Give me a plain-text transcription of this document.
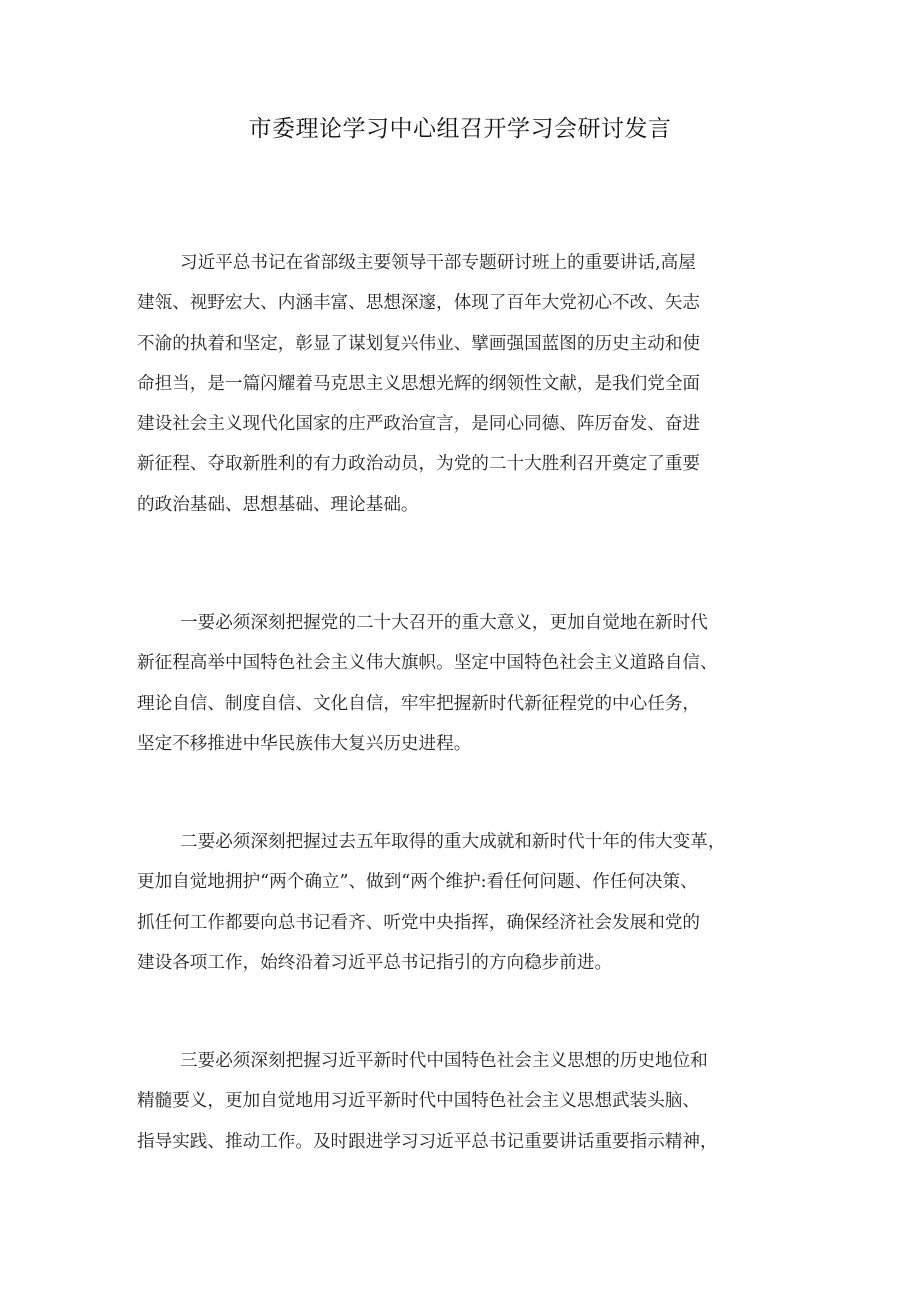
市委理论学习中心组召开学习会研讨发言

习近平总书记在省部级主要领导干部专题研讨班上的重要讲话,高屋
建瓴、视野宏大、内涵丰富、思想深邃，体现了百年大党初心不改、矢志
不渝的执着和坚定，彰显了谋划复兴伟业、擘画强国蓝图的历史主动和使
命担当，是一篇闪耀着马克思主义思想光辉的纲领性文献，是我们党全面
建设社会主义现代化国家的庄严政治宣言，是同心同德、阵厉奋发、奋进
新征程、夺取新胜利的有力政治动员，为党的二十大胜利召开奠定了重要
的政治基础、思想基础、理论基础。

一要必须深刻把握党的二十大召开的重大意义，更加自觉地在新时代
新征程高举中国特色社会主义伟大旗帜。坚定中国特色社会主义道路自信、
理论自信、制度自信、文化自信，牢牢把握新时代新征程党的中心任务，
坚定不移推进中华民族伟大复兴历史进程。

二要必须深刻把握过去五年取得的重大成就和新时代十年的伟大变革，
更加自觉地拥护“两个确立”、做到“两个维护:看任何问题、作任何决策、
抓任何工作都要向总书记看齐、听党中央指挥，确保经济社会发展和党的
建设各项工作，始终沿着习近平总书记指引的方向稳步前进。

三要必须深刻把握习近平新时代中国特色社会主义思想的历史地位和
精髓要义，更加自觉地用习近平新时代中国特色社会主义思想武装头脑、
指导实践、推动工作。及时跟进学习习近平总书记重要讲话重要指示精神，
